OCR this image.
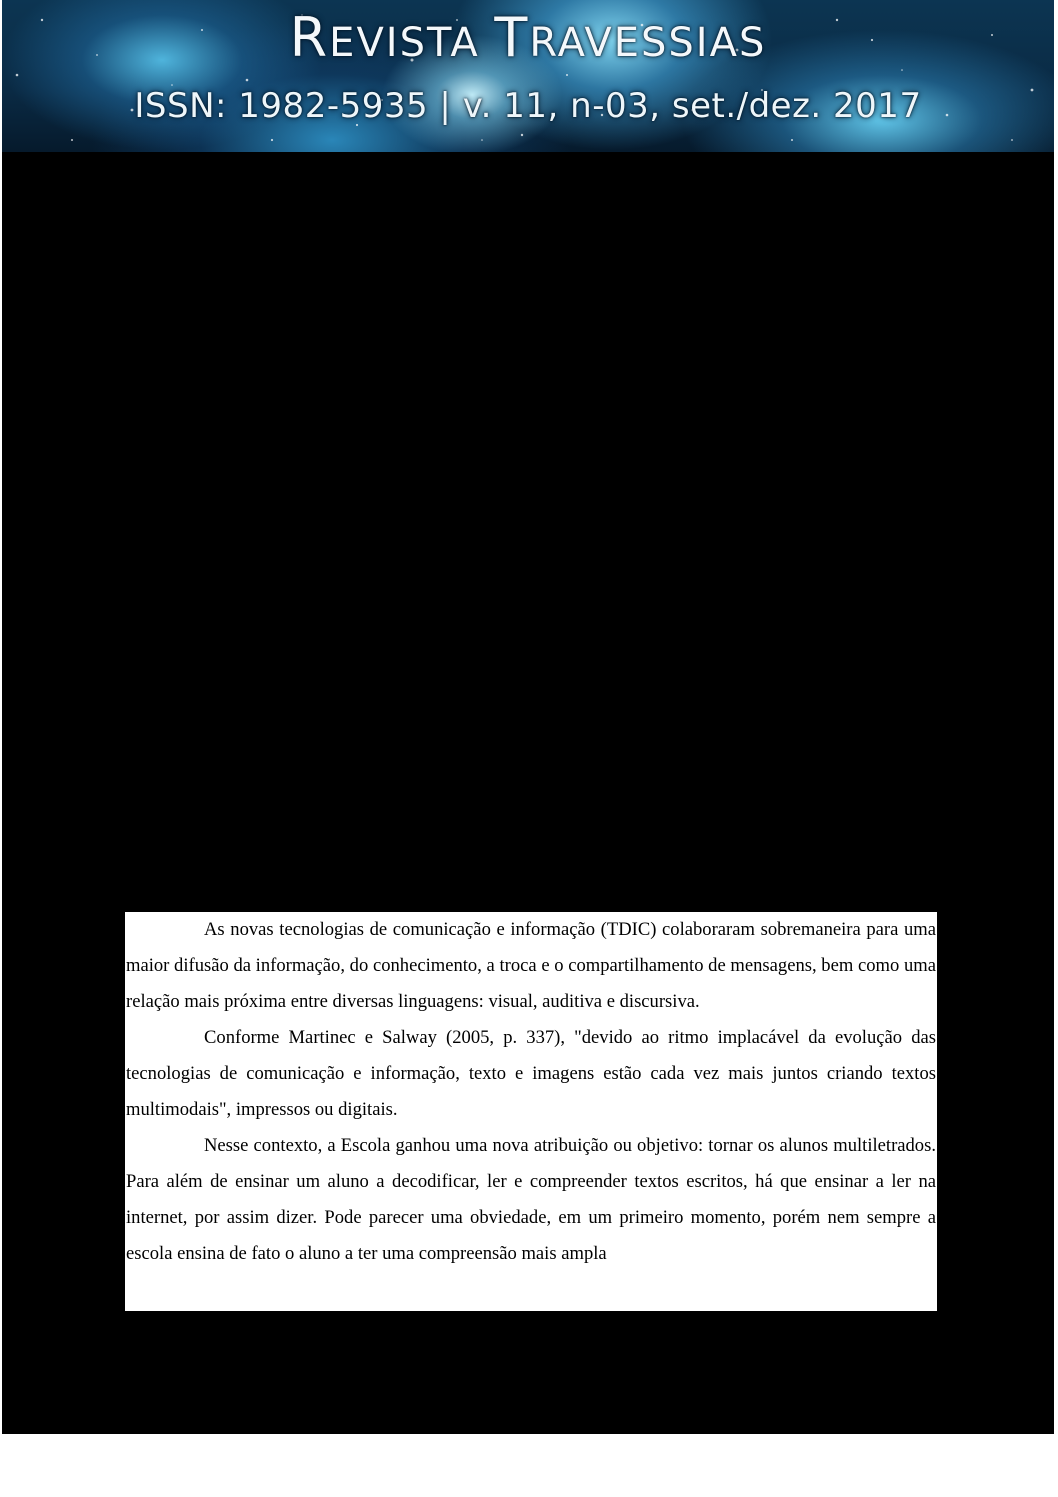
REVISTA TRAVESSIAS
ISSN: 1982-5935 | v. 11, n-03, set./dez. 2017

As novas tecnologias de comunicação e informação (TDIC) colaboraram sobremaneira para uma maior difusão da informação, do conhecimento, a troca e o compartilhamento de mensagens, bem como uma relação mais próxima entre diversas linguagens: visual, auditiva e discursiva.

Conforme Martinec e Salway (2005, p. 337), "devido ao ritmo implacável da evolução das tecnologias de comunicação e informação, texto e imagens estão cada vez mais juntos criando textos multimodais", impressos ou digitais.

Nesse contexto, a Escola ganhou uma nova atribuição ou objetivo: tornar os alunos multiletrados. Para além de ensinar um aluno a decodificar, ler e compreender textos escritos, há que ensinar a ler na internet, por assim dizer. Pode parecer uma obviedade, em um primeiro momento, porém nem sempre a escola ensina de fato o aluno a ter uma compreensão mais ampla
